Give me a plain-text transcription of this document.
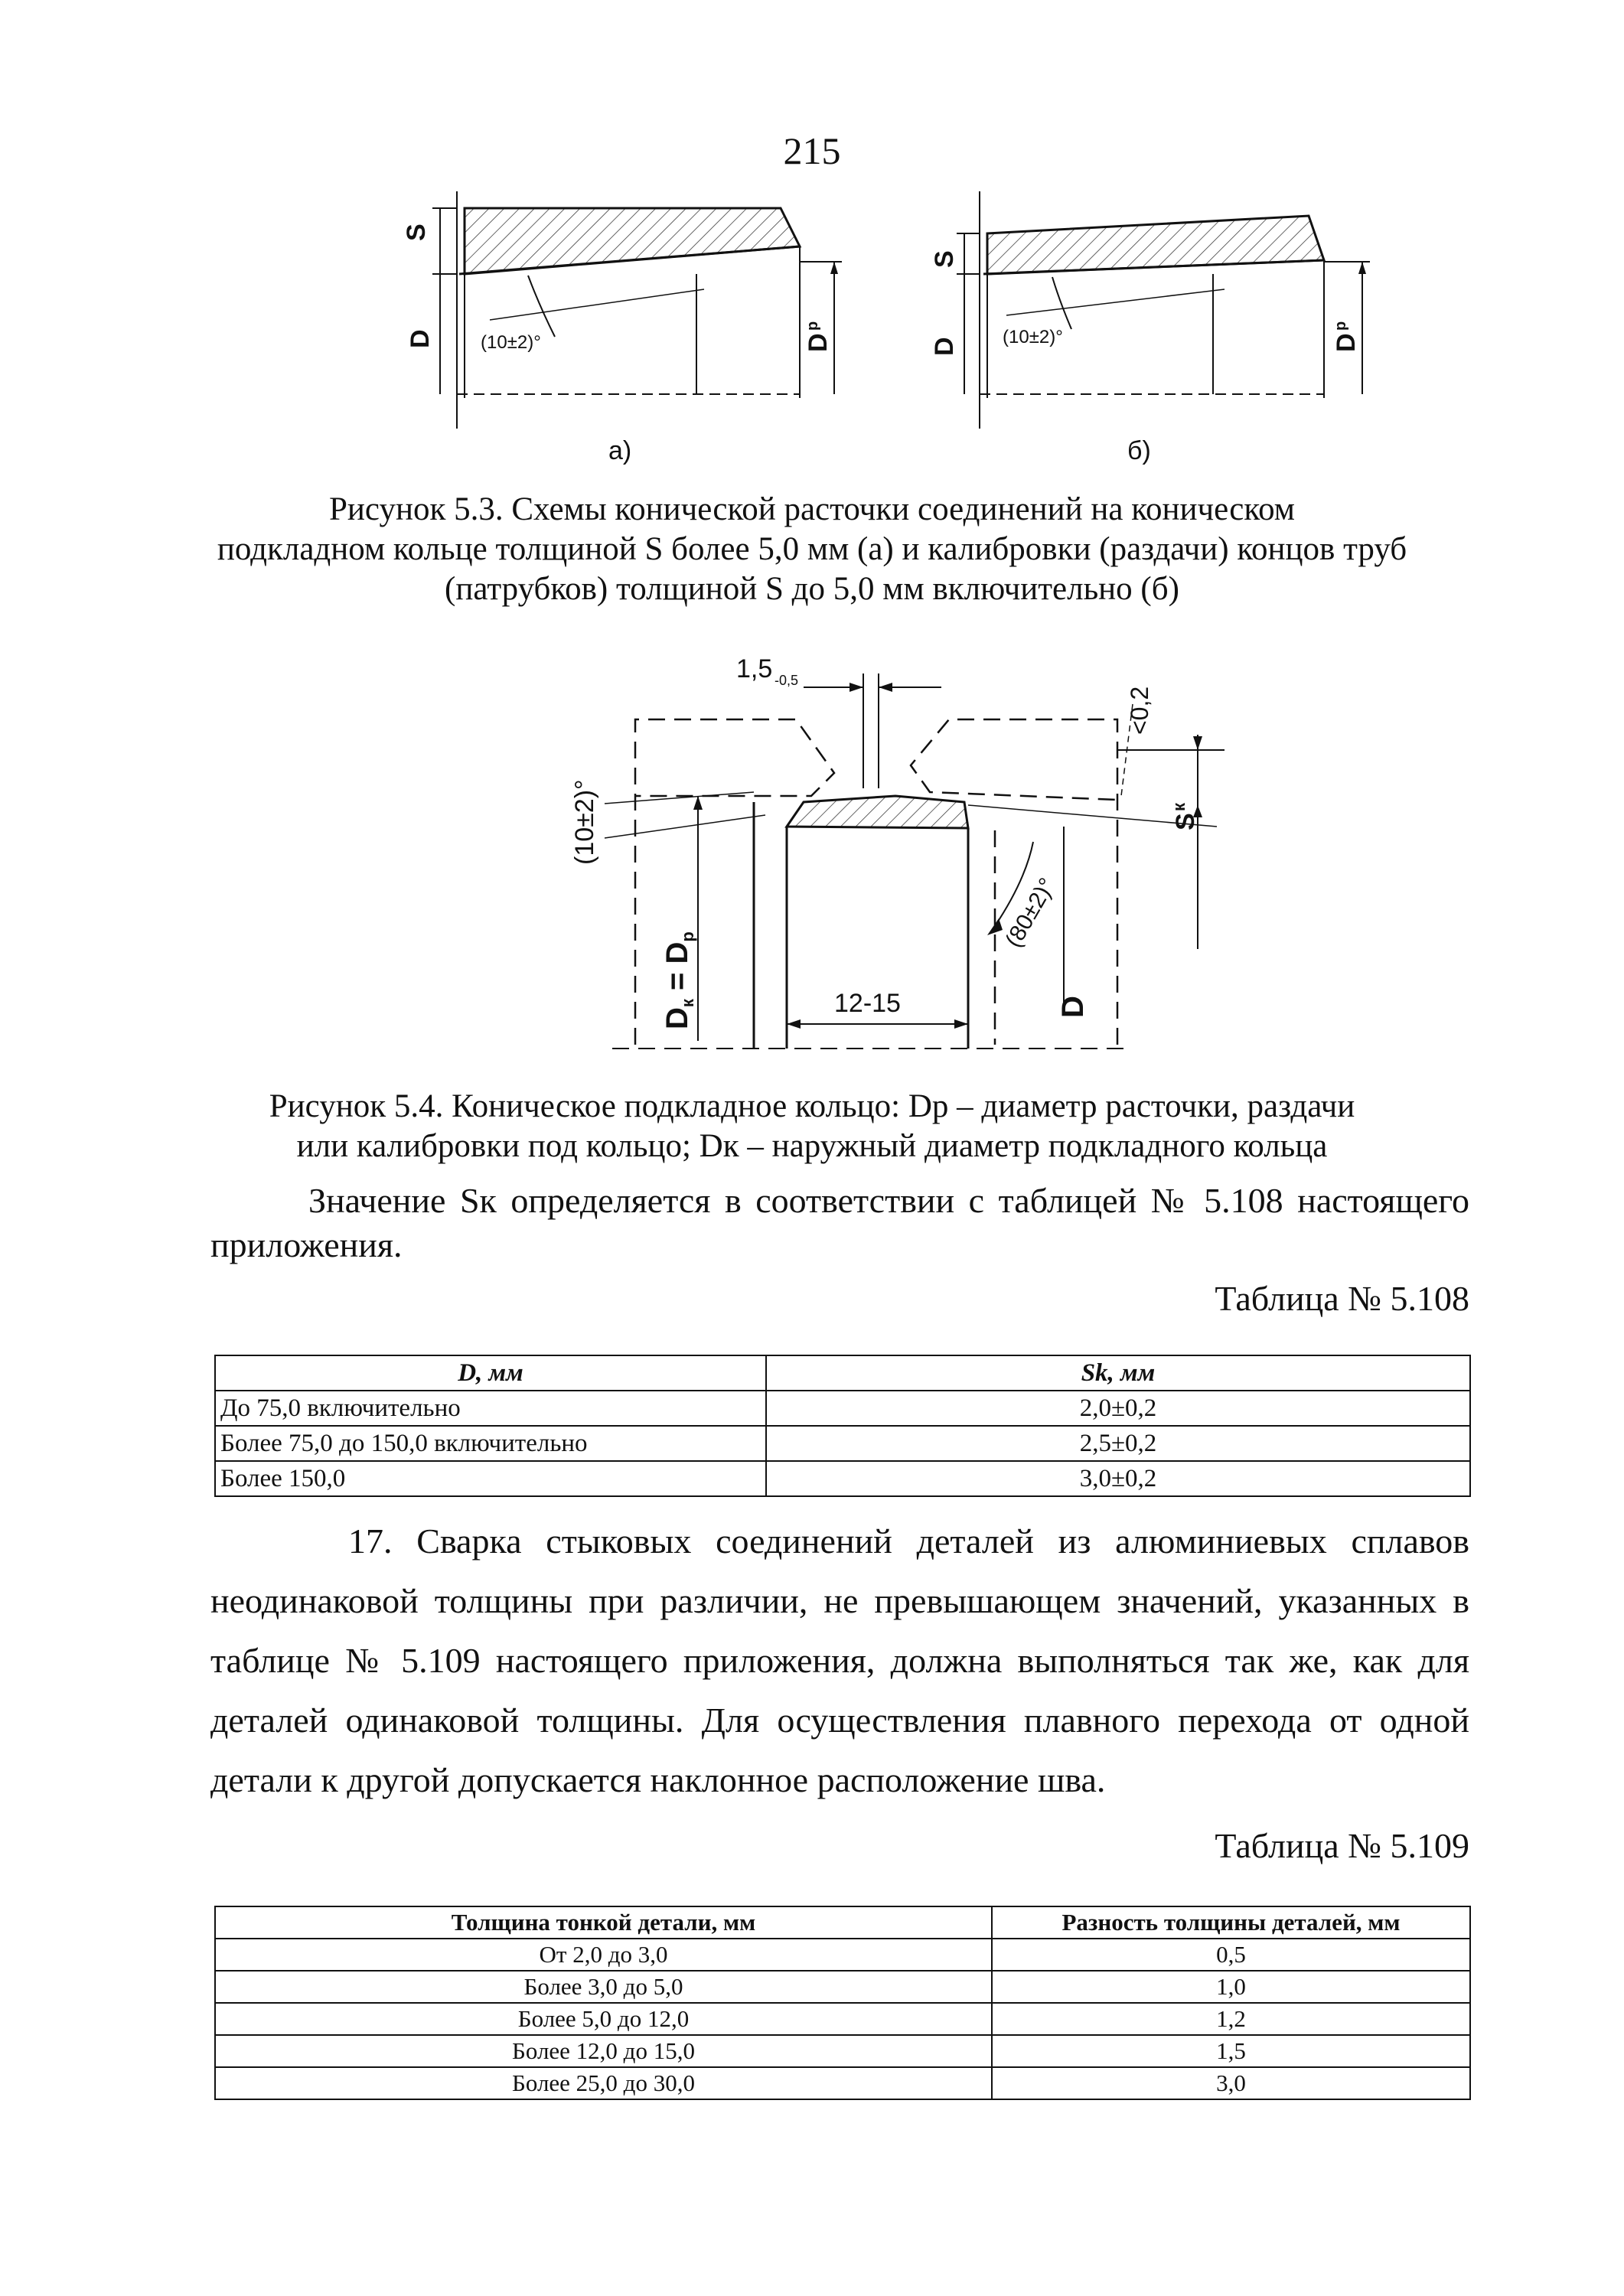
215
S
D	D
p
(10±2)°
а)
S
D	D
p
(10±2)°
б)
Рисунок 5.3. Схемы конической расточки соединений на коническом
подкладном кольце толщиной S более 5,0 мм (а) и калибровки (раздачи) концов труб
(патрубков) толщиной S до 5,0 мм включительно (б)
1,5 -0,5
<0,2
(10±2)°
(80±2)°
S
к
$D_к = D_р$
12-15	D
Рисунок 5.4. Коническое подкладное кольцо: Dр – диаметр расточки, раздачи
или калибровки под кольцо; Dк – наружный диаметр подкладного кольца
Значение Sк определяется в соответствии с таблицей № 5.108 настоящего приложения.
Таблица № 5.108
D, мм	Sk, мм
До 75,0 включительно	2,0±0,2
Более 75,0 до 150,0 включительно	2,5±0,2
Более 150,0	3,0±0,2
17. Сварка стыковых соединений деталей из алюминиевых сплавов неодинаковой толщины при различии, не превышающем значений, указанных в таблице № 5.109 настоящего приложения, должна выполняться так же, как для деталей одинаковой толщины. Для осуществления плавного перехода от одной детали к другой допускается наклонное расположение шва.
Таблица № 5.109
Толщина тонкой детали, мм	Разность толщины деталей, мм
От 2,0 до 3,0	0,5
Более 3,0 до 5,0	1,0
Более 5,0 до 12,0	1,2
Более 12,0 до 15,0	1,5
Более 25,0 до 30,0	3,0
